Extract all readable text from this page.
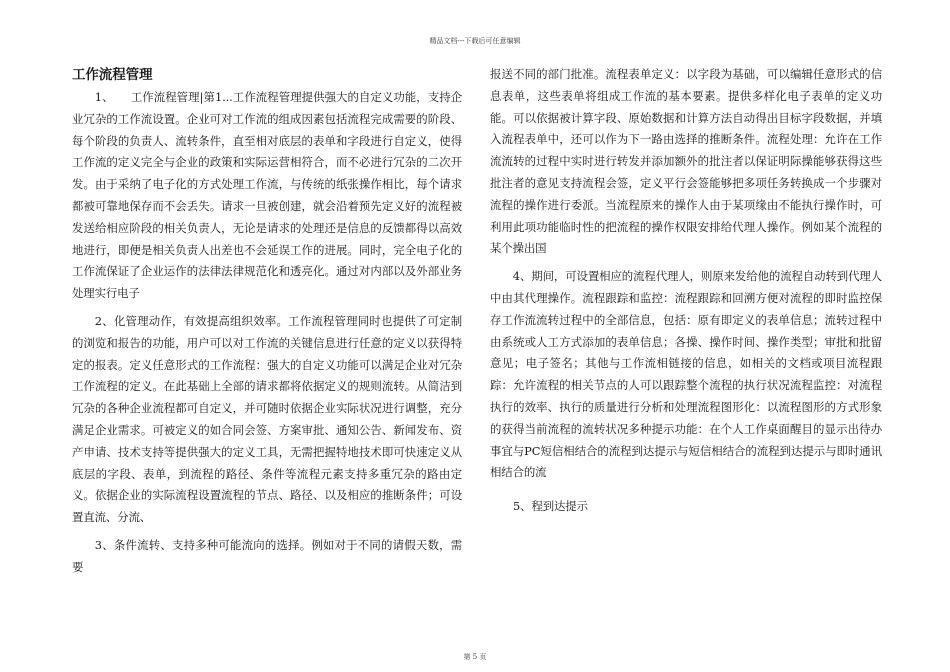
精品文档---下载后可任意编辑
工作流程管理

1、　　工作流程管理|第1...工作流程管理提供强大的自定义功能，支持企业冗杂的工作流设置。企业可对工作流的组成因素包括流程完成需要的阶段、每个阶段的负责人、流转条件，直至相对底层的表单和字段进行自定义，使得工作流的定义完全与企业的政策和实际运营相符合，而不必进行冗杂的二次开发。由于采纳了电子化的方式处理工作流，与传统的纸张操作相比，每个请求都被可靠地保存而不会丢失。请求一旦被创建，就会沿着预先定义好的流程被发送给相应阶段的相关负责人，无论是请求的处理还是信息的反馈都得以高效地进行，即便是相关负责人出差也不会延误工作的进展。同时，完全电子化的工作流保证了企业运作的法律法律规范化和透亮化。通过对内部以及外部业务处理实行电子

2、化管理动作，有效提高组织效率。工作流程管理同时也提供了可定制的浏览和报告的功能，用户可以对工作流的关键信息进行任意的定义以获得特定的报表。定义任意形式的工作流程：强大的自定义功能可以满足企业对冗杂工作流程的定义。在此基础上全部的请求都将依据定义的规则流转。从简洁到冗杂的各种企业流程都可自定义，并可随时依据企业实际状况进行调整，充分满足企业需求。可被定义的如合同会签、方案审批、通知公告、新闻发布、资产申请、技术支持等提供强大的定义工具，无需把握特地技术即可快速定义从底层的字段、表单，到流程的路径、条件等流程元素支持多重冗杂的路由定义。依据企业的实际流程设置流程的节点、路径、以及相应的推断条件；可设置直流、分流、

3、条件流转、支持多种可能流向的选择。例如对于不同的请假天数，需要

报送不同的部门批准。流程表单定义：以字段为基础，可以编辑任意形式的信息表单，这些表单将组成工作流的基本要素。提供多样化电子表单的定义功能。可以依据被计算字段、原始数据和计算方法自动得出目标字段数据，并填入流程表单中，还可以作为下一路由选择的推断条件。流程处理：允许在工作流流转的过程中实时进行转发并添加额外的批注者以保证明际操能够获得这些批注者的意见支持流程会签，定义平行会签能够把多项任务转换成一个步骤对流程的操作进行委派。当流程原来的操作人由于某项缘由不能执行操作时，可利用此项功能临时性的把流程的操作权限安排给代理人操作。例如某个流程的某个操出国

4、期间，可设置相应的流程代理人，则原来发给他的流程自动转到代理人中由其代理操作。流程跟踪和监控：流程跟踪和回溯方便对流程的即时监控保存工作流流转过程中的全部信息，包括：原有即定义的表单信息；流转过程中由系统或人工方式添加的表单信息；各操、操作时间、操作类型；审批和批留意见；电子签名；其他与工作流相链接的信息，如相关的文档或项目流程跟踪：允许流程的相关节点的人可以跟踪整个流程的执行状况流程监控：对流程执行的效率、执行的质量进行分析和处理流程图形化：以流程图形的方式形象的获得当前流程的流转状况多种提示功能：在个人工作桌面醒目的显示出待办事宜与PC短信相结合的流程到达提示与短信相结合的流程到达提示与即时通讯相结合的流

5、程到达提示

第 5 页
